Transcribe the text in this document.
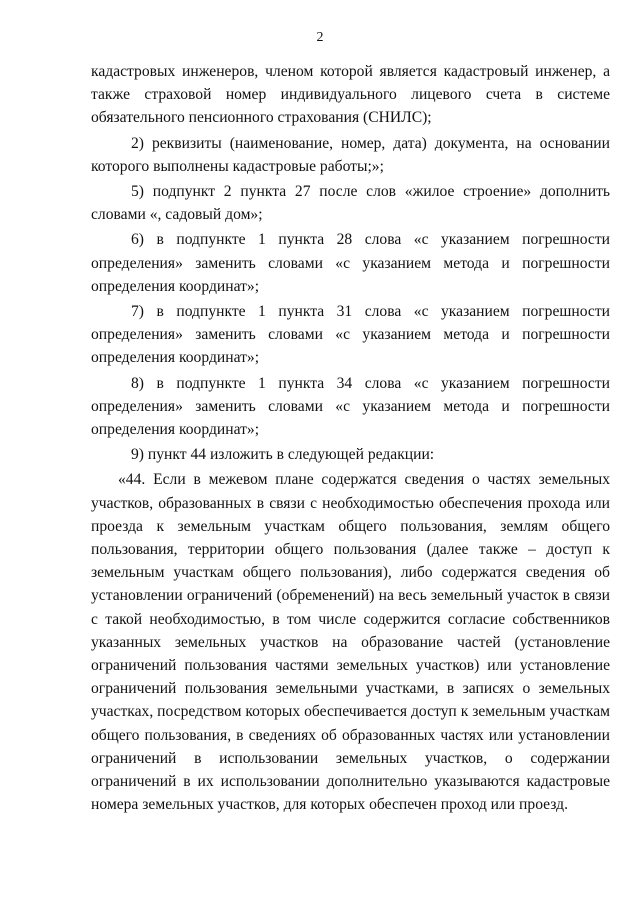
2

кадастровых инженеров, членом которой является кадастровый инженер, а также страховой номер индивидуального лицевого счета в системе обязательного пенсионного страхования (СНИЛС);

2) реквизиты (наименование, номер, дата) документа, на основании которого выполнены кадастровые работы;»;

5) подпункт 2 пункта 27 после слов «жилое строение» дополнить словами «, садовый дом»;

6) в подпункте 1 пункта 28 слова «с указанием погрешности определения» заменить словами «с указанием метода и погрешности определения координат»;

7) в подпункте 1 пункта 31 слова «с указанием погрешности определения» заменить словами «с указанием метода и погрешности определения координат»;

8) в подпункте 1 пункта 34 слова «с указанием погрешности определения» заменить словами «с указанием метода и погрешности определения координат»;

9) пункт 44 изложить в следующей редакции:

«44. Если в межевом плане содержатся сведения о частях земельных участков, образованных в связи с необходимостью обеспечения прохода или проезда к земельным участкам общего пользования, землям общего пользования, территории общего пользования (далее также – доступ к земельным участкам общего пользования), либо содержатся сведения об установлении ограничений (обременений) на весь земельный участок в связи с такой необходимостью, в том числе содержится согласие собственников указанных земельных участков на образование частей (установление ограничений пользования частями земельных участков) или установление ограничений пользования земельными участками, в записях о земельных участках, посредством которых обеспечивается доступ к земельным участкам общего пользования, в сведениях об образованных частях или установлении ограничений в использовании земельных участков, о содержании ограничений в их использовании дополнительно указываются кадастровые номера земельных участков, для которых обеспечен проход или проезд.
